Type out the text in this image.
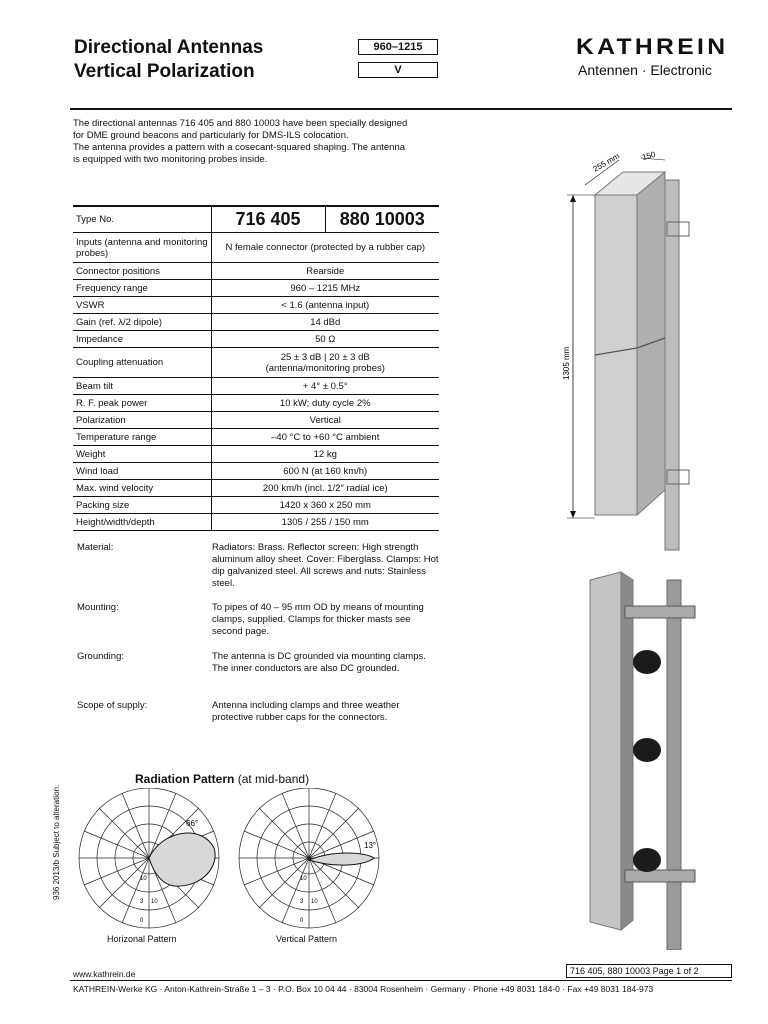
Directional Antennas
Vertical Polarization
960–1215
V
KATHREIN
Antennen · Electronic
The directional antennas 716 405 and 880 10003 have been specially designed
for DME ground beacons and particularly for DMS-ILS colocation.
The antenna provides a pattern with a cosecant-squared shaping. The antenna
is equipped with two monitoring probes inside.
Type No.	716 405	880 10003
Inputs (antenna and monitoring probes)	N female connector (protected by a rubber cap)	
Connector positions	Rearside	
Frequency range	960 – 1215 MHz	
VSWR	< 1.6 (antenna input)	
Gain (ref. λ/2 dipole)	14 dBd	
Impedance	50 Ω	
Coupling attenuation	25 ± 3 dB | 20 ± 3 dB
(antenna/monitoring probes)	

Beam tilt	+ 4° ± 0.5°	
R. F. peak power	10 kW; duty cycle 2%	
Polarization	Vertical	
Temperature range	–40 °C to +60 °C ambient	
Weight	12 kg	
Wind load	600 N (at 160 km/h)	
Max. wind velocity	200 km/h (incl. 1/2″ radial ice)	
Packing size	1420 x 360 x 250 mm	
Height/width/depth	1305 / 255 / 150 mm	
Material:	Radiators: Brass. Reflector screen: High strength aluminum alloy sheet. Cover: Fiberglass. Clamps: Hot dip galvanized steel. All screws and nuts: Stainless steel.
Mounting:	To pipes of 40 – 95 mm OD by means of mounting clamps, supplied. Clamps for thicker masts see second page.
Grounding:	The antenna is DC grounded via mounting clamps. The inner conductors are also DC grounded.
Scope of supply:	Antenna including clamps and three weather protective rubber caps for the connectors.
936 2013/b Subject to alteration.
Radiation Pattern (at mid-band)
66°
13°
10
3 10
0
10
3 10
0
Horizonal Pattern	Vertical Pattern
255 mm	150
1305 mm
www.kathrein.de	716 405, 880 10003 Page 1 of 2
KATHREIN-Werke KG · Anton-Kathrein-Straße 1 – 3 · P.O. Box 10 04 44 · 83004 Rosenheim · Germany · Phone +49 8031 184-0 · Fax +49 8031 184-973
